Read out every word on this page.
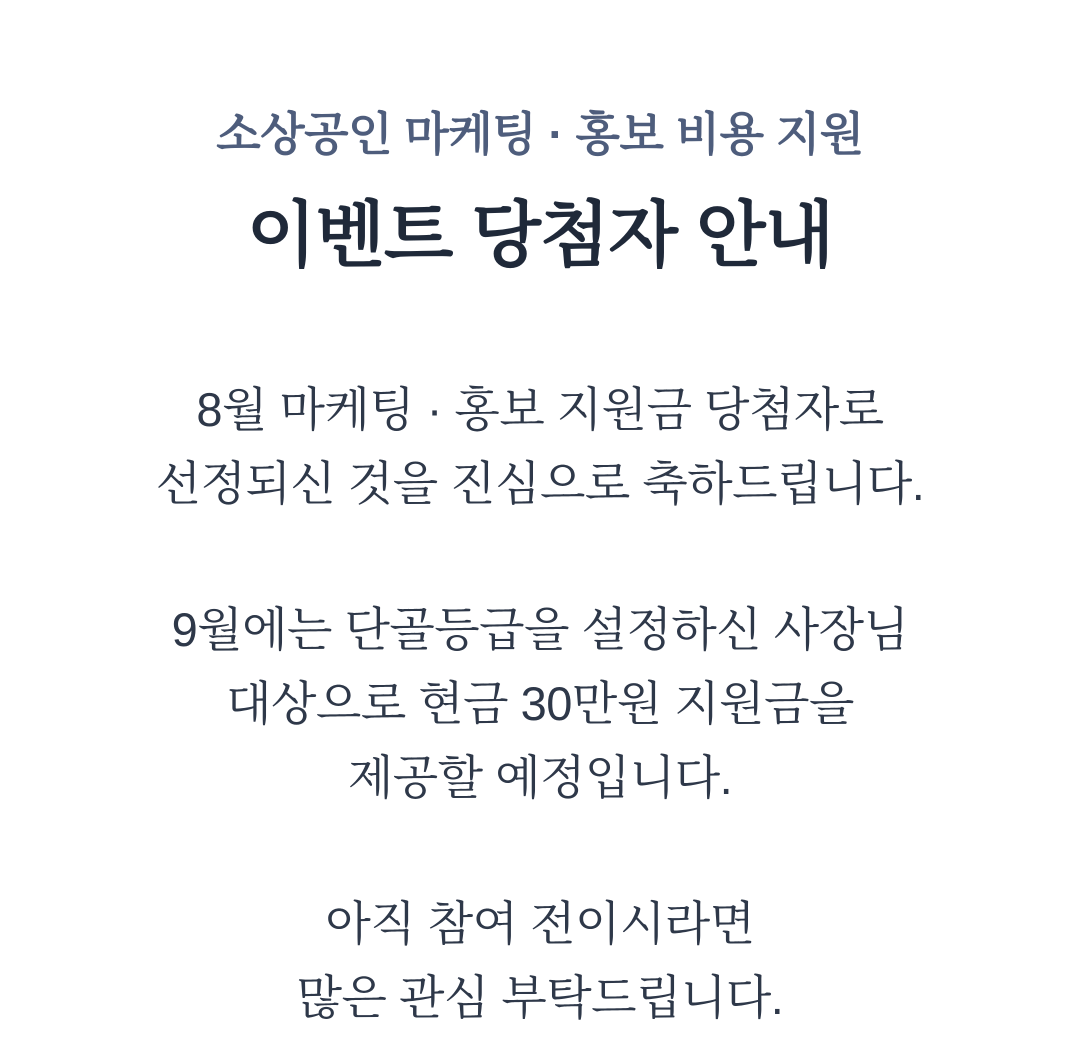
소상공인 마케팅 · 홍보 비용 지원
이벤트 당첨자 안내

8월 마케팅 · 홍보 지원금 당첨자로
선정되신 것을 진심으로 축하드립니다.

9월에는 단골등급을 설정하신 사장님
대상으로 현금 30만원 지원금을
제공할 예정입니다.

아직 참여 전이시라면
많은 관심 부탁드립니다.
